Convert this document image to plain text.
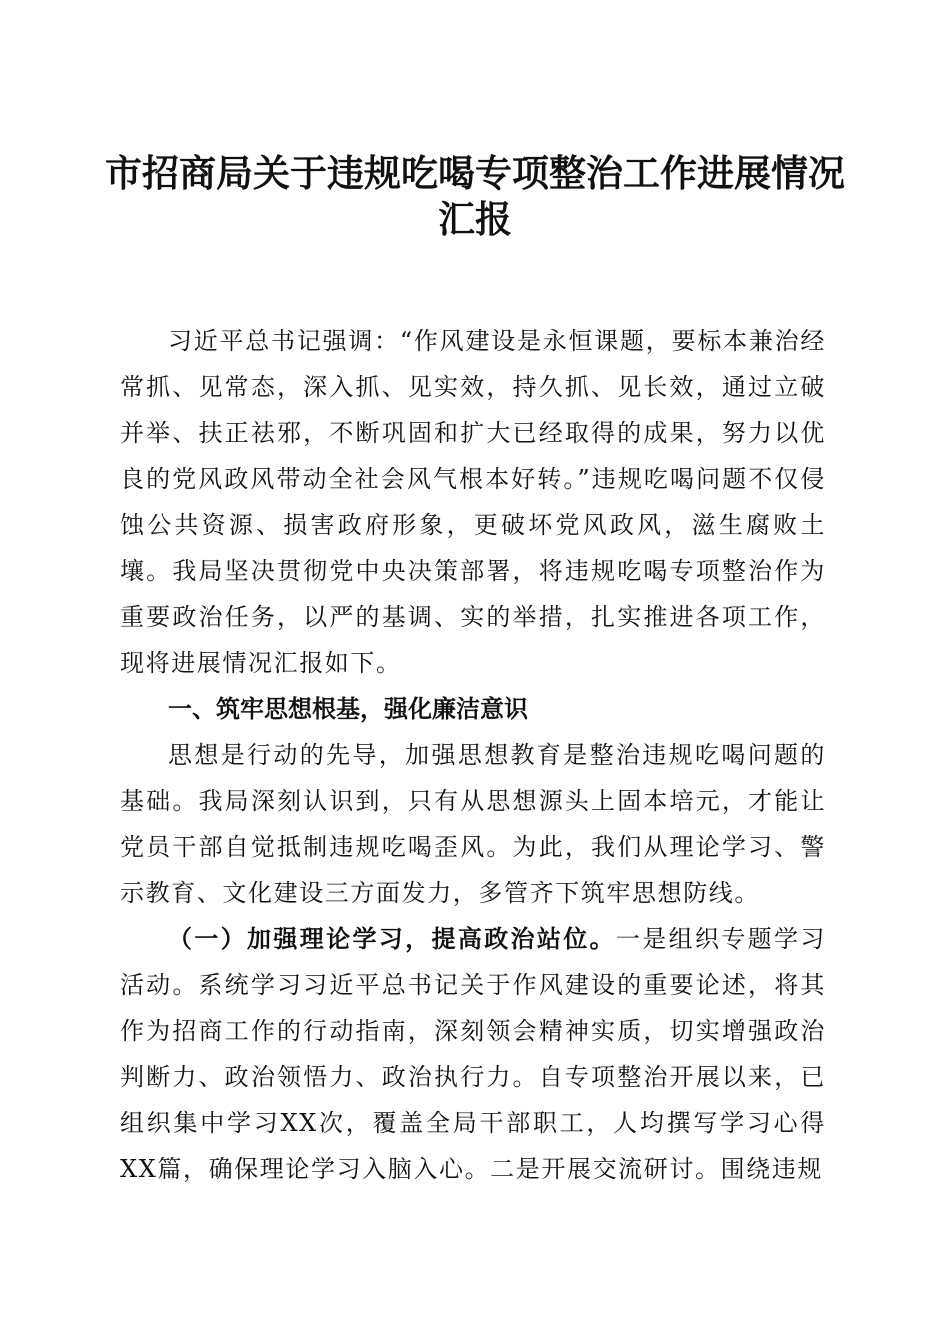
市招商局关于违规吃喝专项整治工作进展情况汇报

习近平总书记强调：“作风建设是永恒课题，要标本兼治经常抓、见常态，深入抓、见实效，持久抓、见长效，通过立破并举、扶正祛邪，不断巩固和扩大已经取得的成果，努力以优良的党风政风带动全社会风气根本好转。”违规吃喝问题不仅侵蚀公共资源、损害政府形象，更破坏党风政风，滋生腐败土壤。我局坚决贯彻党中央决策部署，将违规吃喝专项整治作为重要政治任务，以严的基调、实的举措，扎实推进各项工作，现将进展情况汇报如下。

一、筑牢思想根基，强化廉洁意识

思想是行动的先导，加强思想教育是整治违规吃喝问题的基础。我局深刻认识到，只有从思想源头上固本培元，才能让党员干部自觉抵制违规吃喝歪风。为此，我们从理论学习、警示教育、文化建设三方面发力，多管齐下筑牢思想防线。

（一）加强理论学习，提高政治站位。一是组织专题学习活动。系统学习习近平总书记关于作风建设的重要论述，将其作为招商工作的行动指南，深刻领会精神实质，切实增强政治判断力、政治领悟力、政治执行力。自专项整治开展以来，已组织集中学习XX次，覆盖全局干部职工，人均撰写学习心得XX篇，确保理论学习入脑入心。二是开展交流研讨。围绕违规
